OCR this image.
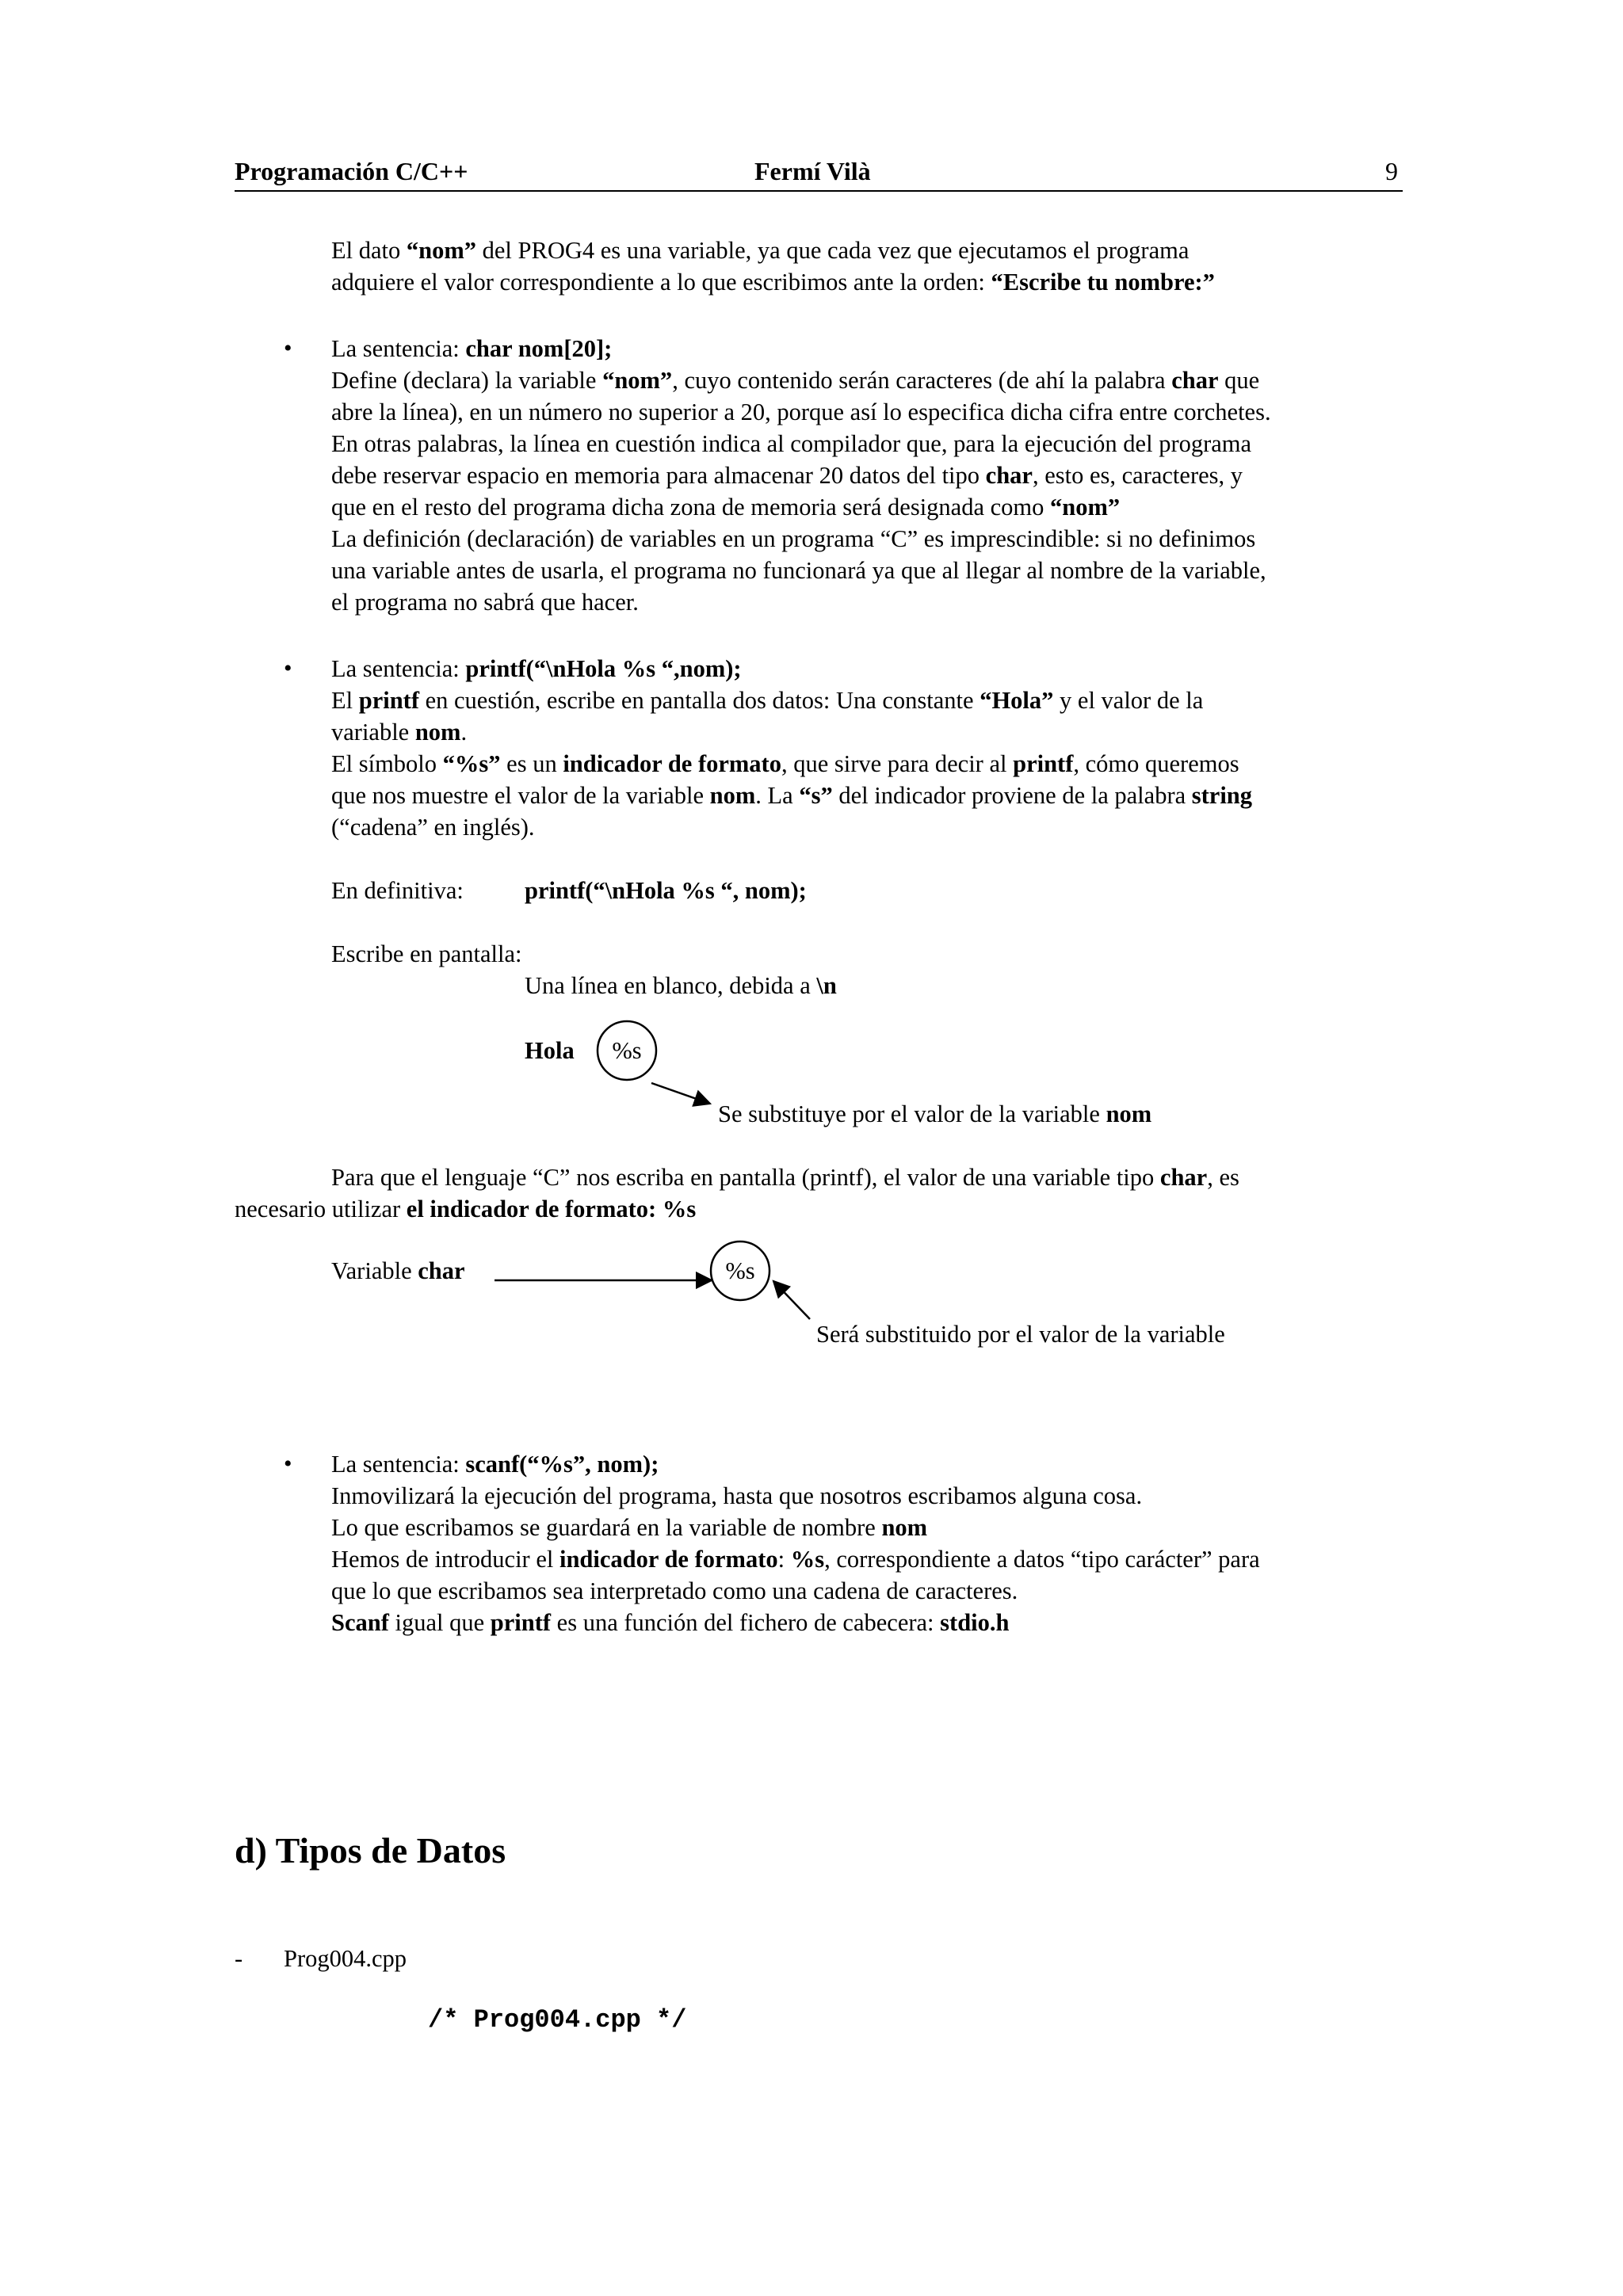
Programación C/C++	Fermí Vilà	9
El dato “nom” del PROG4 es una variable, ya que cada vez que ejecutamos el programa
adquiere el valor correspondiente a lo que escribimos ante la orden: “Escribe tu nombre:”
• La sentencia: char nom[20];
Define (declara) la variable “nom”, cuyo contenido serán caracteres (de ahí la palabra char que
abre la línea), en un número no superior a 20, porque así lo especifica dicha cifra entre corchetes.
En otras palabras, la línea en cuestión indica al compilador que, para la ejecución del programa
debe reservar espacio en memoria para almacenar 20 datos del tipo char, esto es, caracteres, y
que en el resto del programa dicha zona de memoria será designada como “nom”
La definición (declaración) de variables en un programa “C” es imprescindible: si no definimos
una variable antes de usarla, el programa no funcionará ya que al llegar al nombre de la variable,
el programa no sabrá que hacer.
• La sentencia: printf(“\nHola %s “,nom);
El printf en cuestión, escribe en pantalla dos datos: Una constante “Hola” y el valor de la
variable nom.
El símbolo “%s” es un indicador de formato, que sirve para decir al printf, cómo queremos
que nos muestre el valor de la variable nom. La “s” del indicador proviene de la palabra string
(“cadena” en inglés).
En definitiva:	printf(“\nHola %s “, nom);
Escribe en pantalla:
Una línea en blanco, debida a \n
Hola	%s
Se substituye por el valor de la variable nom
Para que el lenguaje “C” nos escriba en pantalla (printf), el valor de una variable tipo char, es
necesario utilizar el indicador de formato: %s
Variable char	%s
Será substituido por el valor de la variable
• La sentencia: scanf(“%s”, nom);
Inmovilizará la ejecución del programa, hasta que nosotros escribamos alguna cosa.
Lo que escribamos se guardará en la variable de nombre nom
Hemos de introducir el indicador de formato: %s, correspondiente a datos “tipo carácter” para
que lo que escribamos sea interpretado como una cadena de caracteres.
Scanf igual que printf es una función del fichero de cabecera: stdio.h
d) Tipos de Datos
- Prog004.cpp
/* Prog004.cpp */
